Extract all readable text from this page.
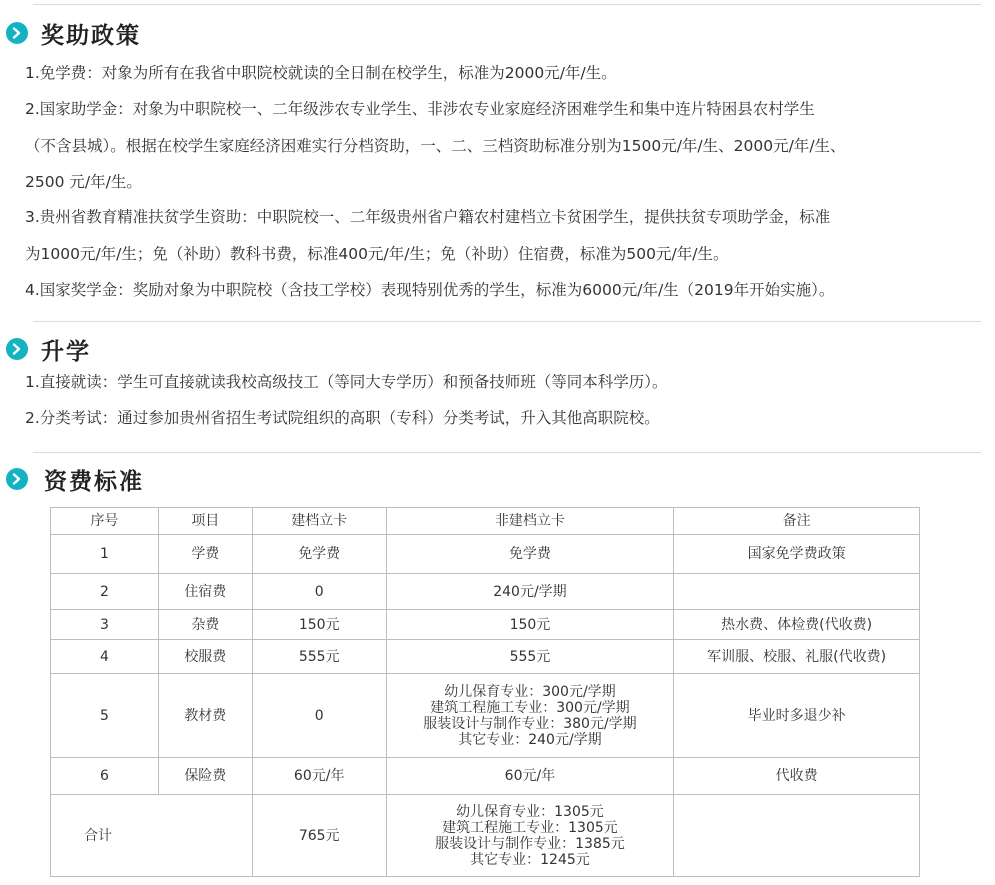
奖助政策
1.免学费：对象为所有在我省中职院校就读的全日制在校学生，标准为2000元/年/生。
2.国家助学金：对象为中职院校一、二年级涉农专业学生、非涉农专业家庭经济困难学生和集中连片特困县农村学生
（不含县城）。根据在校学生家庭经济困难实行分档资助，一、二、三档资助标准分别为1500元/年/生、2000元/年/生、
2500 元/年/生。
3.贵州省教育精准扶贫学生资助：中职院校一、二年级贵州省户籍农村建档立卡贫困学生，提供扶贫专项助学金，标准
为1000元/年/生；免（补助）教科书费，标准400元/年/生；免（补助）住宿费，标准为500元/年/生。
4.国家奖学金：奖励对象为中职院校（含技工学校）表现特别优秀的学生，标准为6000元/年/生（2019年开始实施）。
升学
1.直接就读：学生可直接就读我校高级技工（等同大专学历）和预备技师班（等同本科学历）。
2.分类考试：通过参加贵州省招生考试院组织的高职（专科）分类考试，升入其他高职院校。
资费标准
序号	项目	建档立卡	非建档立卡	备注
1	学费	免学费	免学费	国家免学费政策
2	住宿费	0	240元/学期	
3	杂费	150元	150元	热水费、体检费(代收费)
4	校服费	555元	555元	军训服、校服、礼服(代收费)
5	教材费	0	幼儿保育专业：300元/学期
建筑工程施工专业：300元/学期
服装设计与制作专业：380元/学期
其它专业：240元/学期	毕业时多退少补
6	保险费	60元/年	60元/年	代收费
合计		765元	幼儿保育专业：1305元
建筑工程施工专业：1305元
服装设计与制作专业：1385元
其它专业：1245元	
